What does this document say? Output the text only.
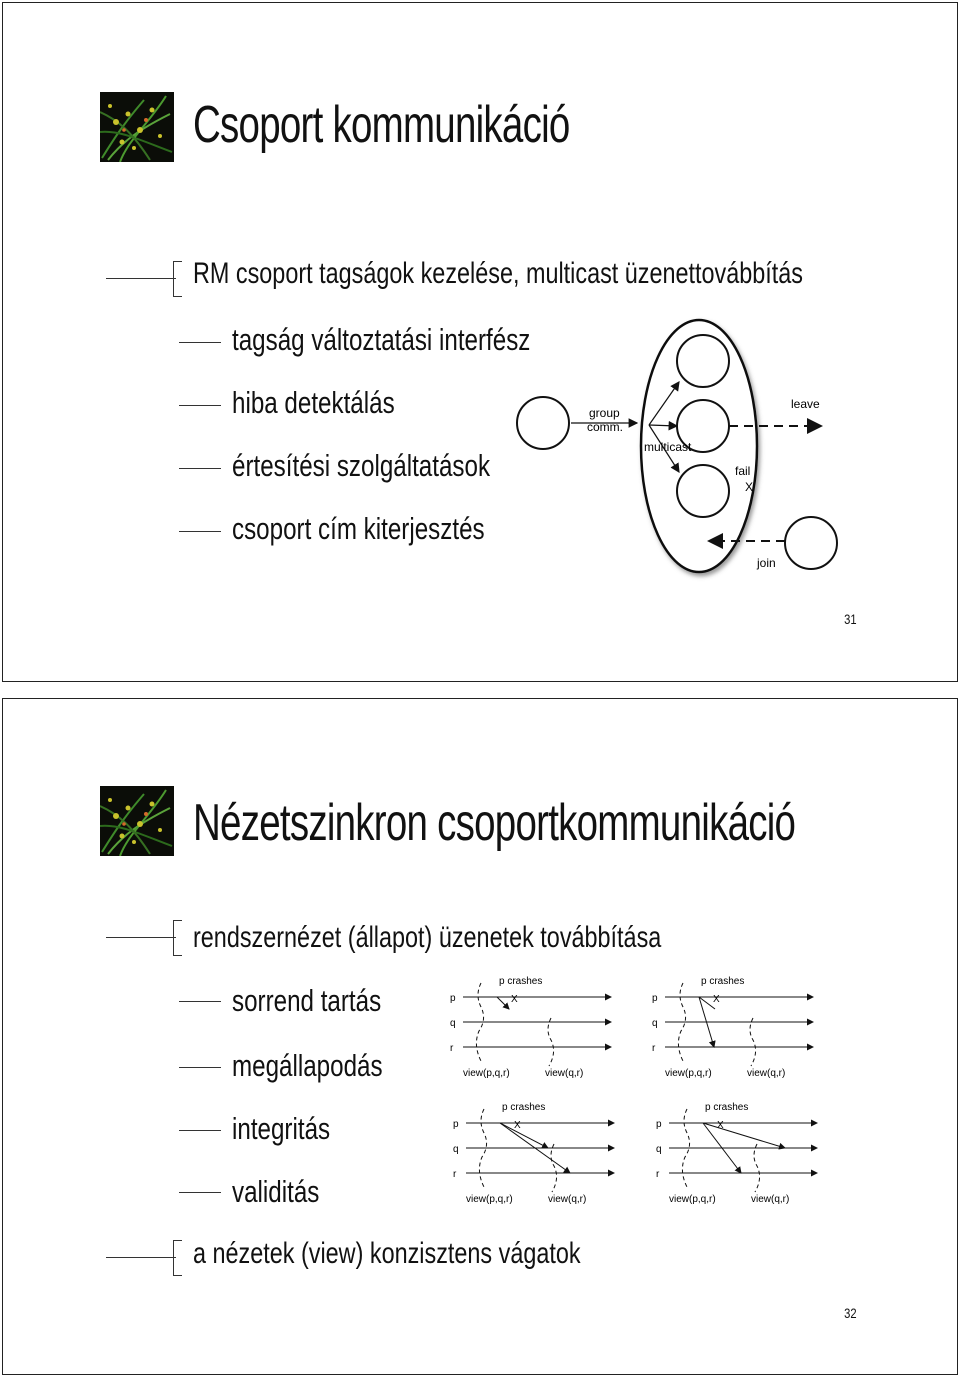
Csoport kommunikáció
RM csoport tagságok kezelése, multicast üzenettovábbítás
tagság változtatási interfész
hiba detektálás
értesítési szolgáltatások
csoport cím kiterjesztés
group
comm.
multicast
fail
X
leave
join
31
Nézetszinkron csoportkommunikáció
rendszernézet (állapot) üzenetek továbbítása
sorrend tartás
megállapodás
integritás
validitás
a nézetek (view) konzisztens vágatok
p
q
r
p crashes
X
view(p,q,r)	view(q,r)
p
q
r
p crashes
X
view(p,q,r)	view(q,r)
p
q
r
p crashes
X
view(p,q,r)	view(q,r)
p
q
r
p crashes
X
view(p,q,r)	view(q,r)
32
